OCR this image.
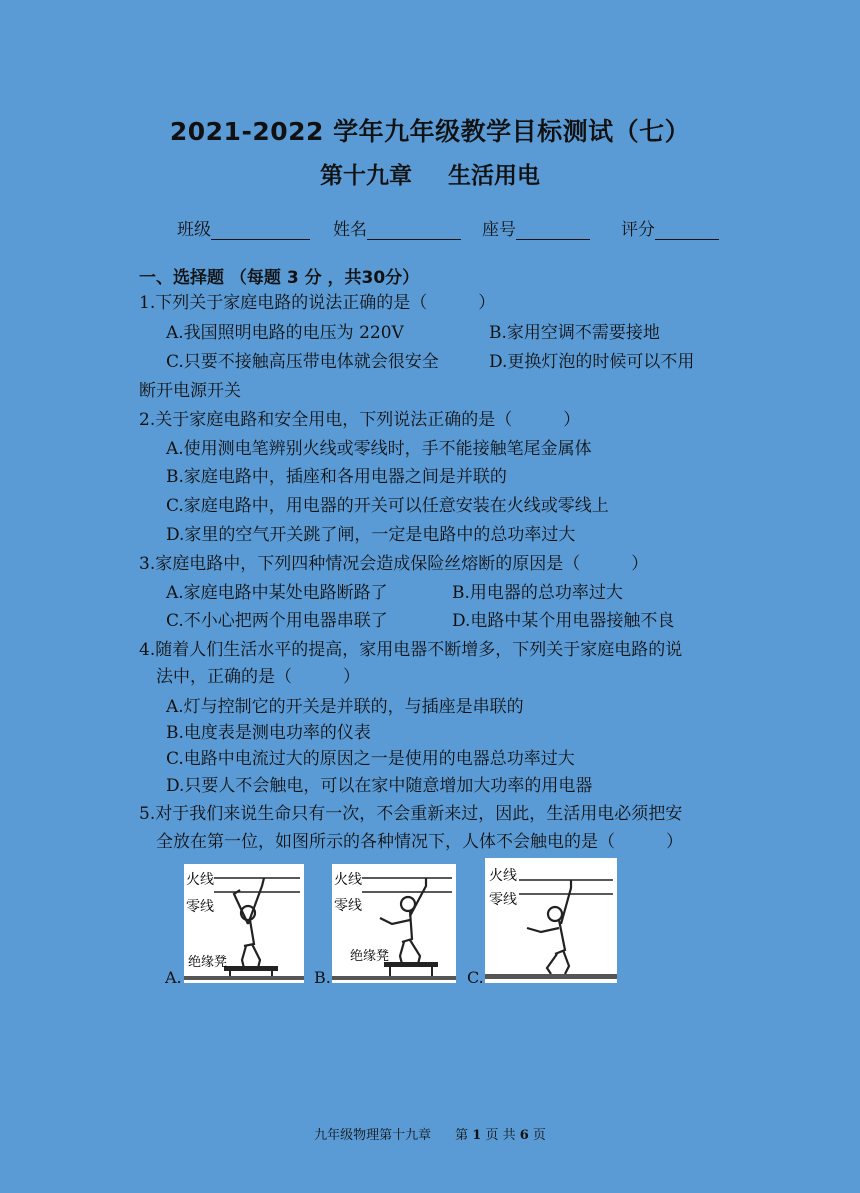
2021-2022 学年九年级教学目标测试（七）
第十九章 生活用电
班级	姓名	座号	评分
一、选择题 （每题 3 分 ，共30分）
1.下列关于家庭电路的说法正确的是（　　　）
A.我国照明电路的电压为 220V	B.家用空调不需要接地
C.只要不接触高压带电体就会很安全	D.更换灯泡的时候可以不用
断开电源开关
2.关于家庭电路和安全用电，下列说法正确的是（　　　）
A.使用测电笔辨别火线或零线时，手不能接触笔尾金属体
B.家庭电路中，插座和各用电器之间是并联的
C.家庭电路中，用电器的开关可以任意安装在火线或零线上
D.家里的空气开关跳了闸，一定是电路中的总功率过大
3.家庭电路中，下列四种情况会造成保险丝熔断的原因是（　　　）
A.家庭电路中某处电路断路了	B.用电器的总功率过大
C.不小心把两个用电器串联了	D.电路中某个用电器接触不良
4.随着人们生活水平的提高，家用电器不断增多，下列关于家庭电路的说
法中，正确的是（　　　）
A.灯与控制它的开关是并联的，与插座是串联的
B.电度表是测电功率的仪表
C.电路中电流过大的原因之一是使用的电器总功率过大
D.只要人不会触电，可以在家中随意增加大功率的用电器
5.对于我们来说生命只有一次，不会重新来过，因此，生活用电必须把安
全放在第一位，如图所示的各种情况下，人体不会触电的是（　　　）
A.
火线
零线
绝缘凳
B.
火线
零线
绝缘凳
C.
火线
零线
九年级物理第十九章 第 1 页 共 6 页
